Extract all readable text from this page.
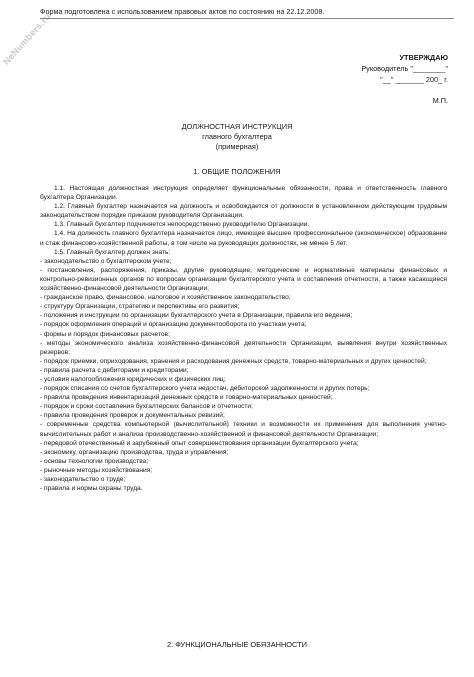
NeNumbers.ru
Форма подготовлена с использованием правовых актов по состоянию на 22.12.2008.
УТВЕРЖДАЮ
Руководитель "________"
"__" _______ 200_ г.
М.П.
ДОЛЖНОСТНАЯ ИНСТРУКЦИЯ
главного бухгалтера
(примерная)
1. ОБЩИЕ ПОЛОЖЕНИЯ

1.1. Настоящая должностная инструкция определяет функциональные обязанности, права и ответственность главного бухгалтера Организации.

1.2. Главный бухгалтер назначается на должность и освобождается от должности в установленном действующим трудовым законодательством порядке приказом руководителя Организации.

1.3. Главный бухгалтер подчиняется непосредственно руководителю Организации.

1.4. На должность главного бухгалтера назначается лицо, имеющее высшее профессиональное (экономическое) образование и стаж финансово-хозяйственной работы, в том числе на руководящих должностях, не менее 5 лет.

1.5. Главный бухгалтер должен знать:

- законодательство о бухгалтерском учете;

- постановления, распоряжения, приказы, другие руководящие, методические и нормативные материалы финансовых и контрольно-ревизионных органов по вопросам организации бухгалтерского учета и составления отчетности, а также касающиеся хозяйственно-финансовой деятельности Организации;

- гражданское право, финансовое, налоговое и хозяйственное законодательство;

- структуру Организации, стратегию и перспективы его развития;

- положения и инструкции по организации бухгалтерского учета в Организации, правила его ведения;

- порядок оформления операций и организацию документооборота по участкам учета;

- формы и порядок финансовых расчетов;

- методы экономического анализа хозяйственно-финансовой деятельности Организации, выявления внутри хозяйственных резервов;

- порядок приемки, оприходования, хранения и расходования денежных средств, товарно-материальных и других ценностей;

- правила расчета с дебиторами и кредиторами;

- условия налогообложения юридических и физических лиц;

- порядок списания со счетов бухгалтерского учета недостач, дебиторской задолженности и других потерь;

- правила проведения инвентаризаций денежных средств и товарно-материальных ценностей;

- порядок и сроки составления бухгалтерских балансов и отчетности;

- правила проведения проверок и документальных ревизий;

- современные средства компьютерной (вычислительной) техники и возможности их применения для выполнения учетно-вычислительных работ и анализа производственно-хозяйственной и финансовой деятельности Организации;

- передовой отечественный и зарубежный опыт совершенствования организации бухгалтерского учета;

- экономику, организацию производства, труда и управления;

- основы технологии производства;

- рыночные методы хозяйствования;

- законодательство о труде;

- правила и нормы охраны труда.

2. ФУНКЦИОНАЛЬНЫЕ ОБЯЗАННОСТИ
